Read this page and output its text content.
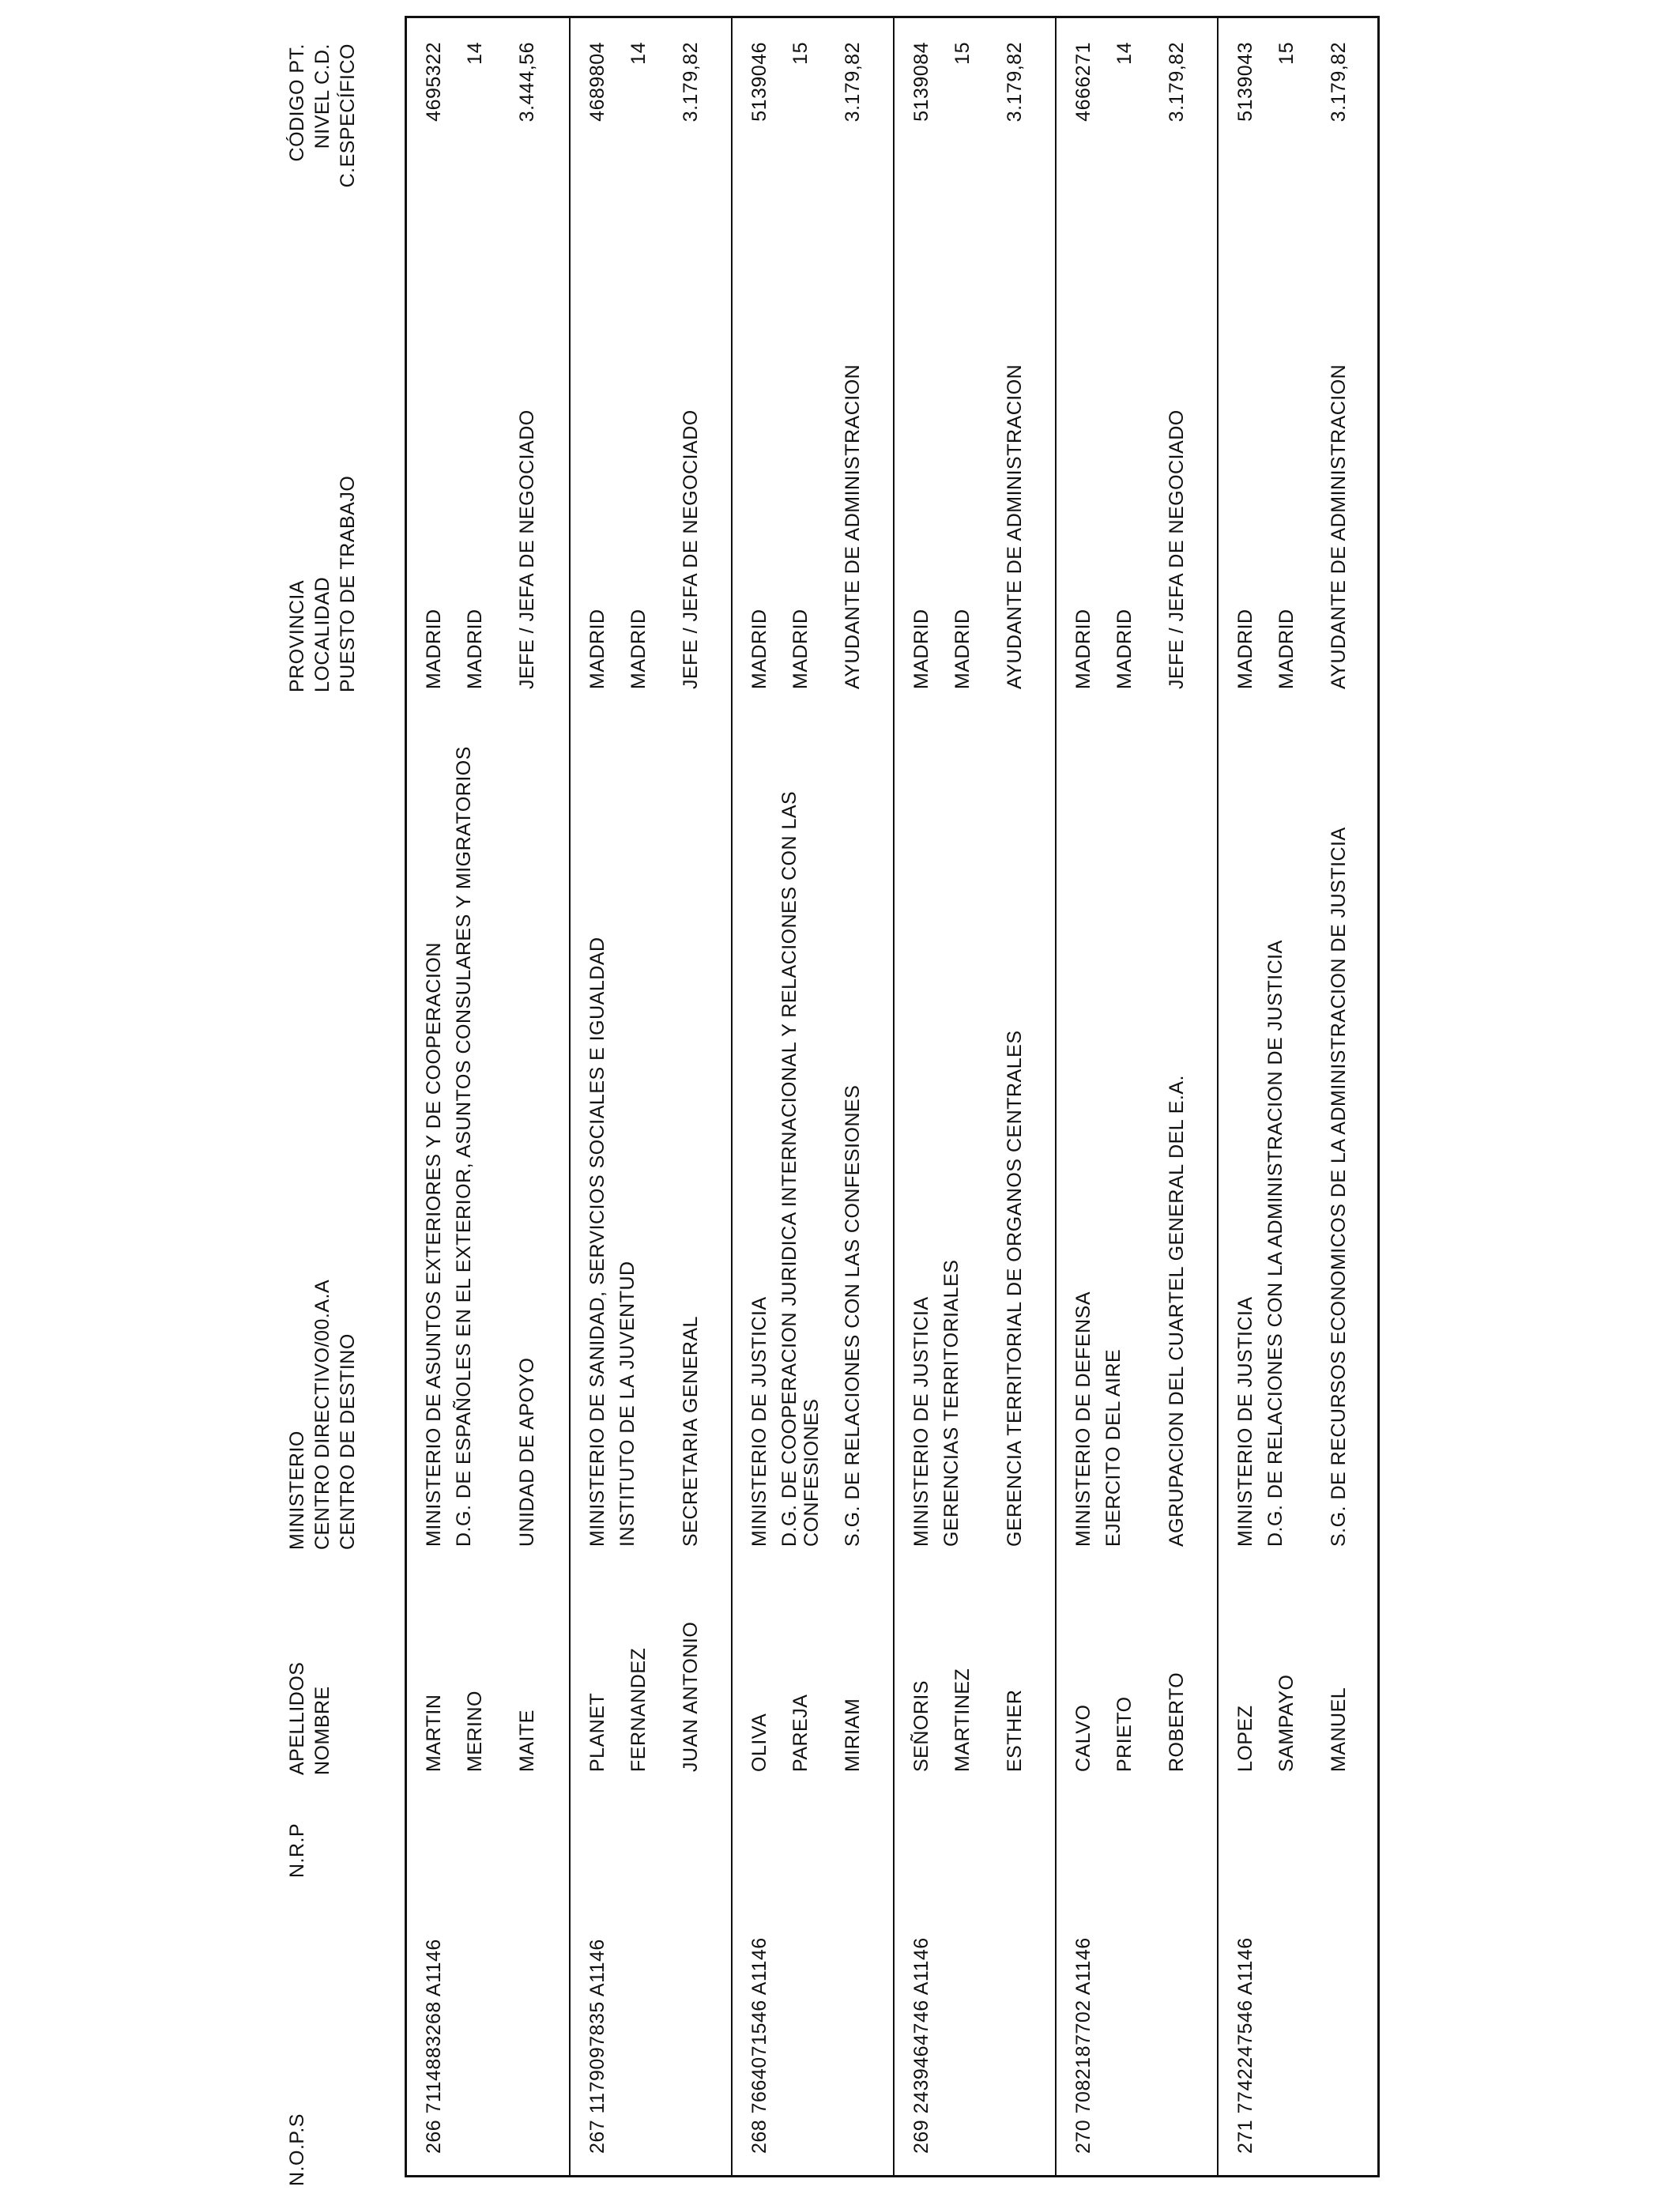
N.O.P.S
N.R.P
APELLIDOS NOMBRE
MINISTERIO CENTRO DIRECTIVO/00.A.A CENTRO DE DESTINO
PROVINCIA LOCALIDAD PUESTO DE TRABAJO
CÓDIGO PT. NIVEL C.D. C.ESPECÍFICO
266 7114883268 A1146
MARTIN MERINO MAITE
MINISTERIO DE ASUNTOS EXTERIORES Y DE COOPERACION D.G. DE ESPAÑOLES EN EL EXTERIOR, ASUNTOS CONSULARES Y MIGRATORIOS UNIDAD DE APOYO
MADRID MADRID JEFE / JEFA DE NEGOCIADO
4695322 14 3.444,56
267 1179097835 A1146
PLANET FERNANDEZ JUAN ANTONIO
MINISTERIO DE SANIDAD, SERVICIOS SOCIALES E IGUALDAD INSTITUTO DE LA JUVENTUD SECRETARIA GENERAL
MADRID MADRID JEFE / JEFA DE NEGOCIADO
4689804 14 3.179,82
268 7664071546 A1146
OLIVA PAREJA MIRIAM
MINISTERIO DE JUSTICIA D.G. DE COOPERACION JURIDICA INTERNACIONAL Y RELACIONES CON LAS CONFESIONES S.G. DE RELACIONES CON LAS CONFESIONES
MADRID MADRID AYUDANTE DE ADMINISTRACION
5139046 15 3.179,82
269 2439464746 A1146
SEÑORIS MARTINEZ ESTHER
MINISTERIO DE JUSTICIA GERENCIAS TERRITORIALES GERENCIA TERRITORIAL DE ORGANOS CENTRALES
MADRID MADRID AYUDANTE DE ADMINISTRACION
5139084 15 3.179,82
270 7082187702 A1146
CALVO PRIETO ROBERTO
MINISTERIO DE DEFENSA EJERCITO DEL AIRE AGRUPACION DEL CUARTEL GENERAL DEL E.A.
MADRID MADRID JEFE / JEFA DE NEGOCIADO
4666271 14 3.179,82
271 7742247546 A1146
LOPEZ SAMPAYO MANUEL
MINISTERIO DE JUSTICIA D.G. DE RELACIONES CON LA ADMINISTRACION DE JUSTICIA S.G. DE RECURSOS ECONOMICOS DE LA ADMINISTRACION DE JUSTICIA
MADRID MADRID AYUDANTE DE ADMINISTRACION
5139043 15 3.179,82
